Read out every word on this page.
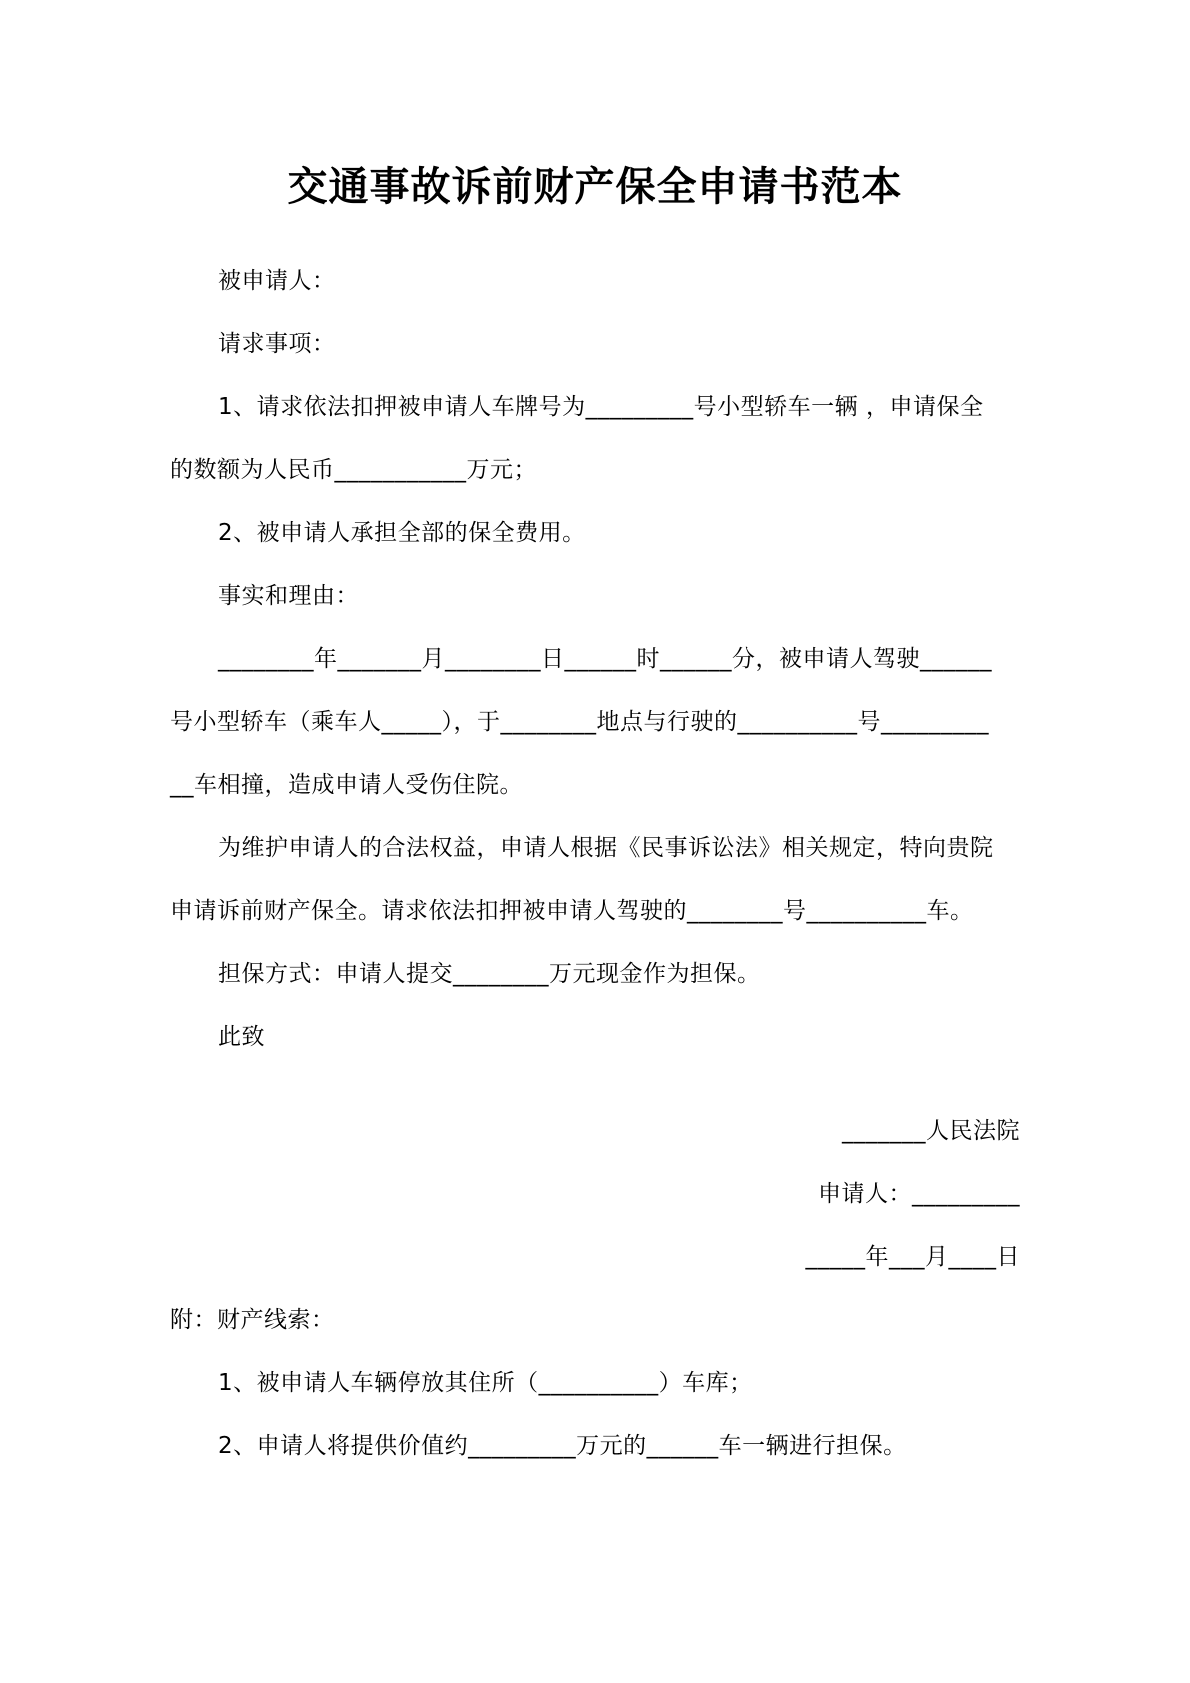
交通事故诉前财产保全申请书范本
被申请人：
请求事项：
1、请求依法扣押被申请人车牌号为_________号小型轿车一辆 ，申请保全
的数额为人民币___________万元；
2、被申请人承担全部的保全费用。
事实和理由：
________年_______月________日______时______分，被申请人驾驶______
号小型轿车（乘车人_____），于________地点与行驶的__________号_________
__车相撞，造成申请人受伤住院。
为维护申请人的合法权益，申请人根据《民事诉讼法》相关规定，特向贵院
申请诉前财产保全。请求依法扣押被申请人驾驶的________号__________车。
担保方式：申请人提交________万元现金作为担保。
此致
_______人民法院
申请人：_________
_____年___月____日
附：财产线索：
1、被申请人车辆停放其住所（__________）车库；
2、申请人将提供价值约_________万元的______车一辆进行担保。
